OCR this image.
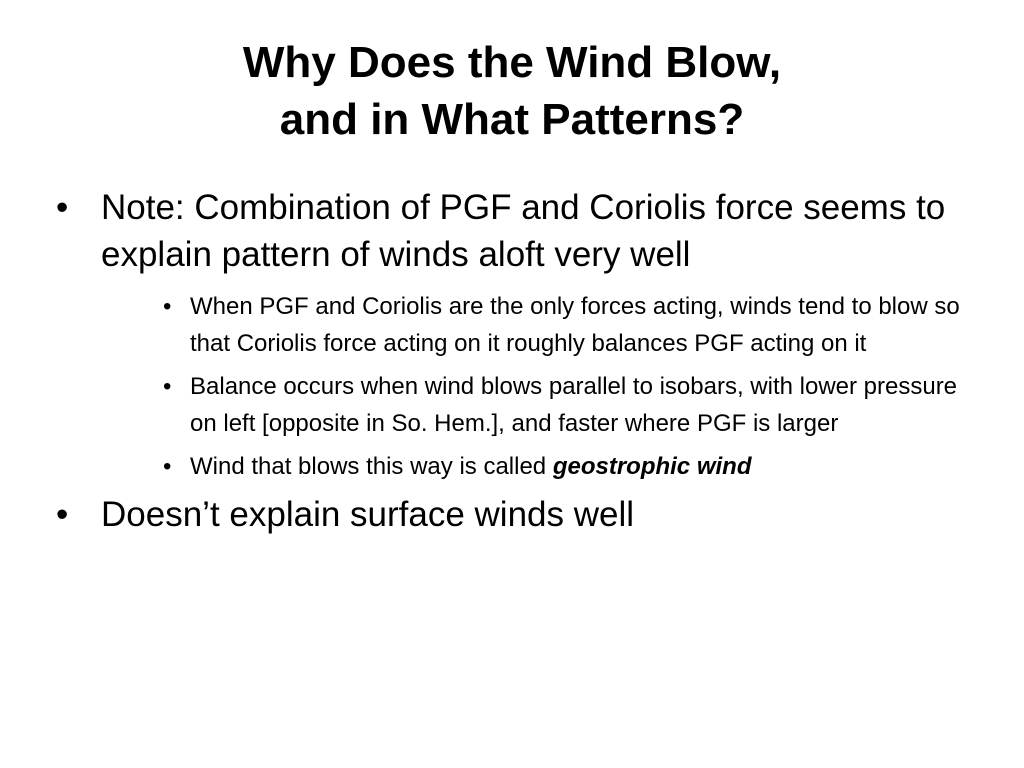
Why Does the Wind Blow,
and in What Patterns?
• Note: Combination of PGF and Coriolis force seems to explain pattern of winds aloft very well
• When PGF and Coriolis are the only forces acting, winds tend to blow so that Coriolis force acting on it roughly balances PGF acting on it
• Balance occurs when wind blows parallel to isobars, with lower pressure on left [opposite in So. Hem.], and faster where PGF is larger
• Wind that blows this way is called geostrophic wind
• Doesn’t explain surface winds well
